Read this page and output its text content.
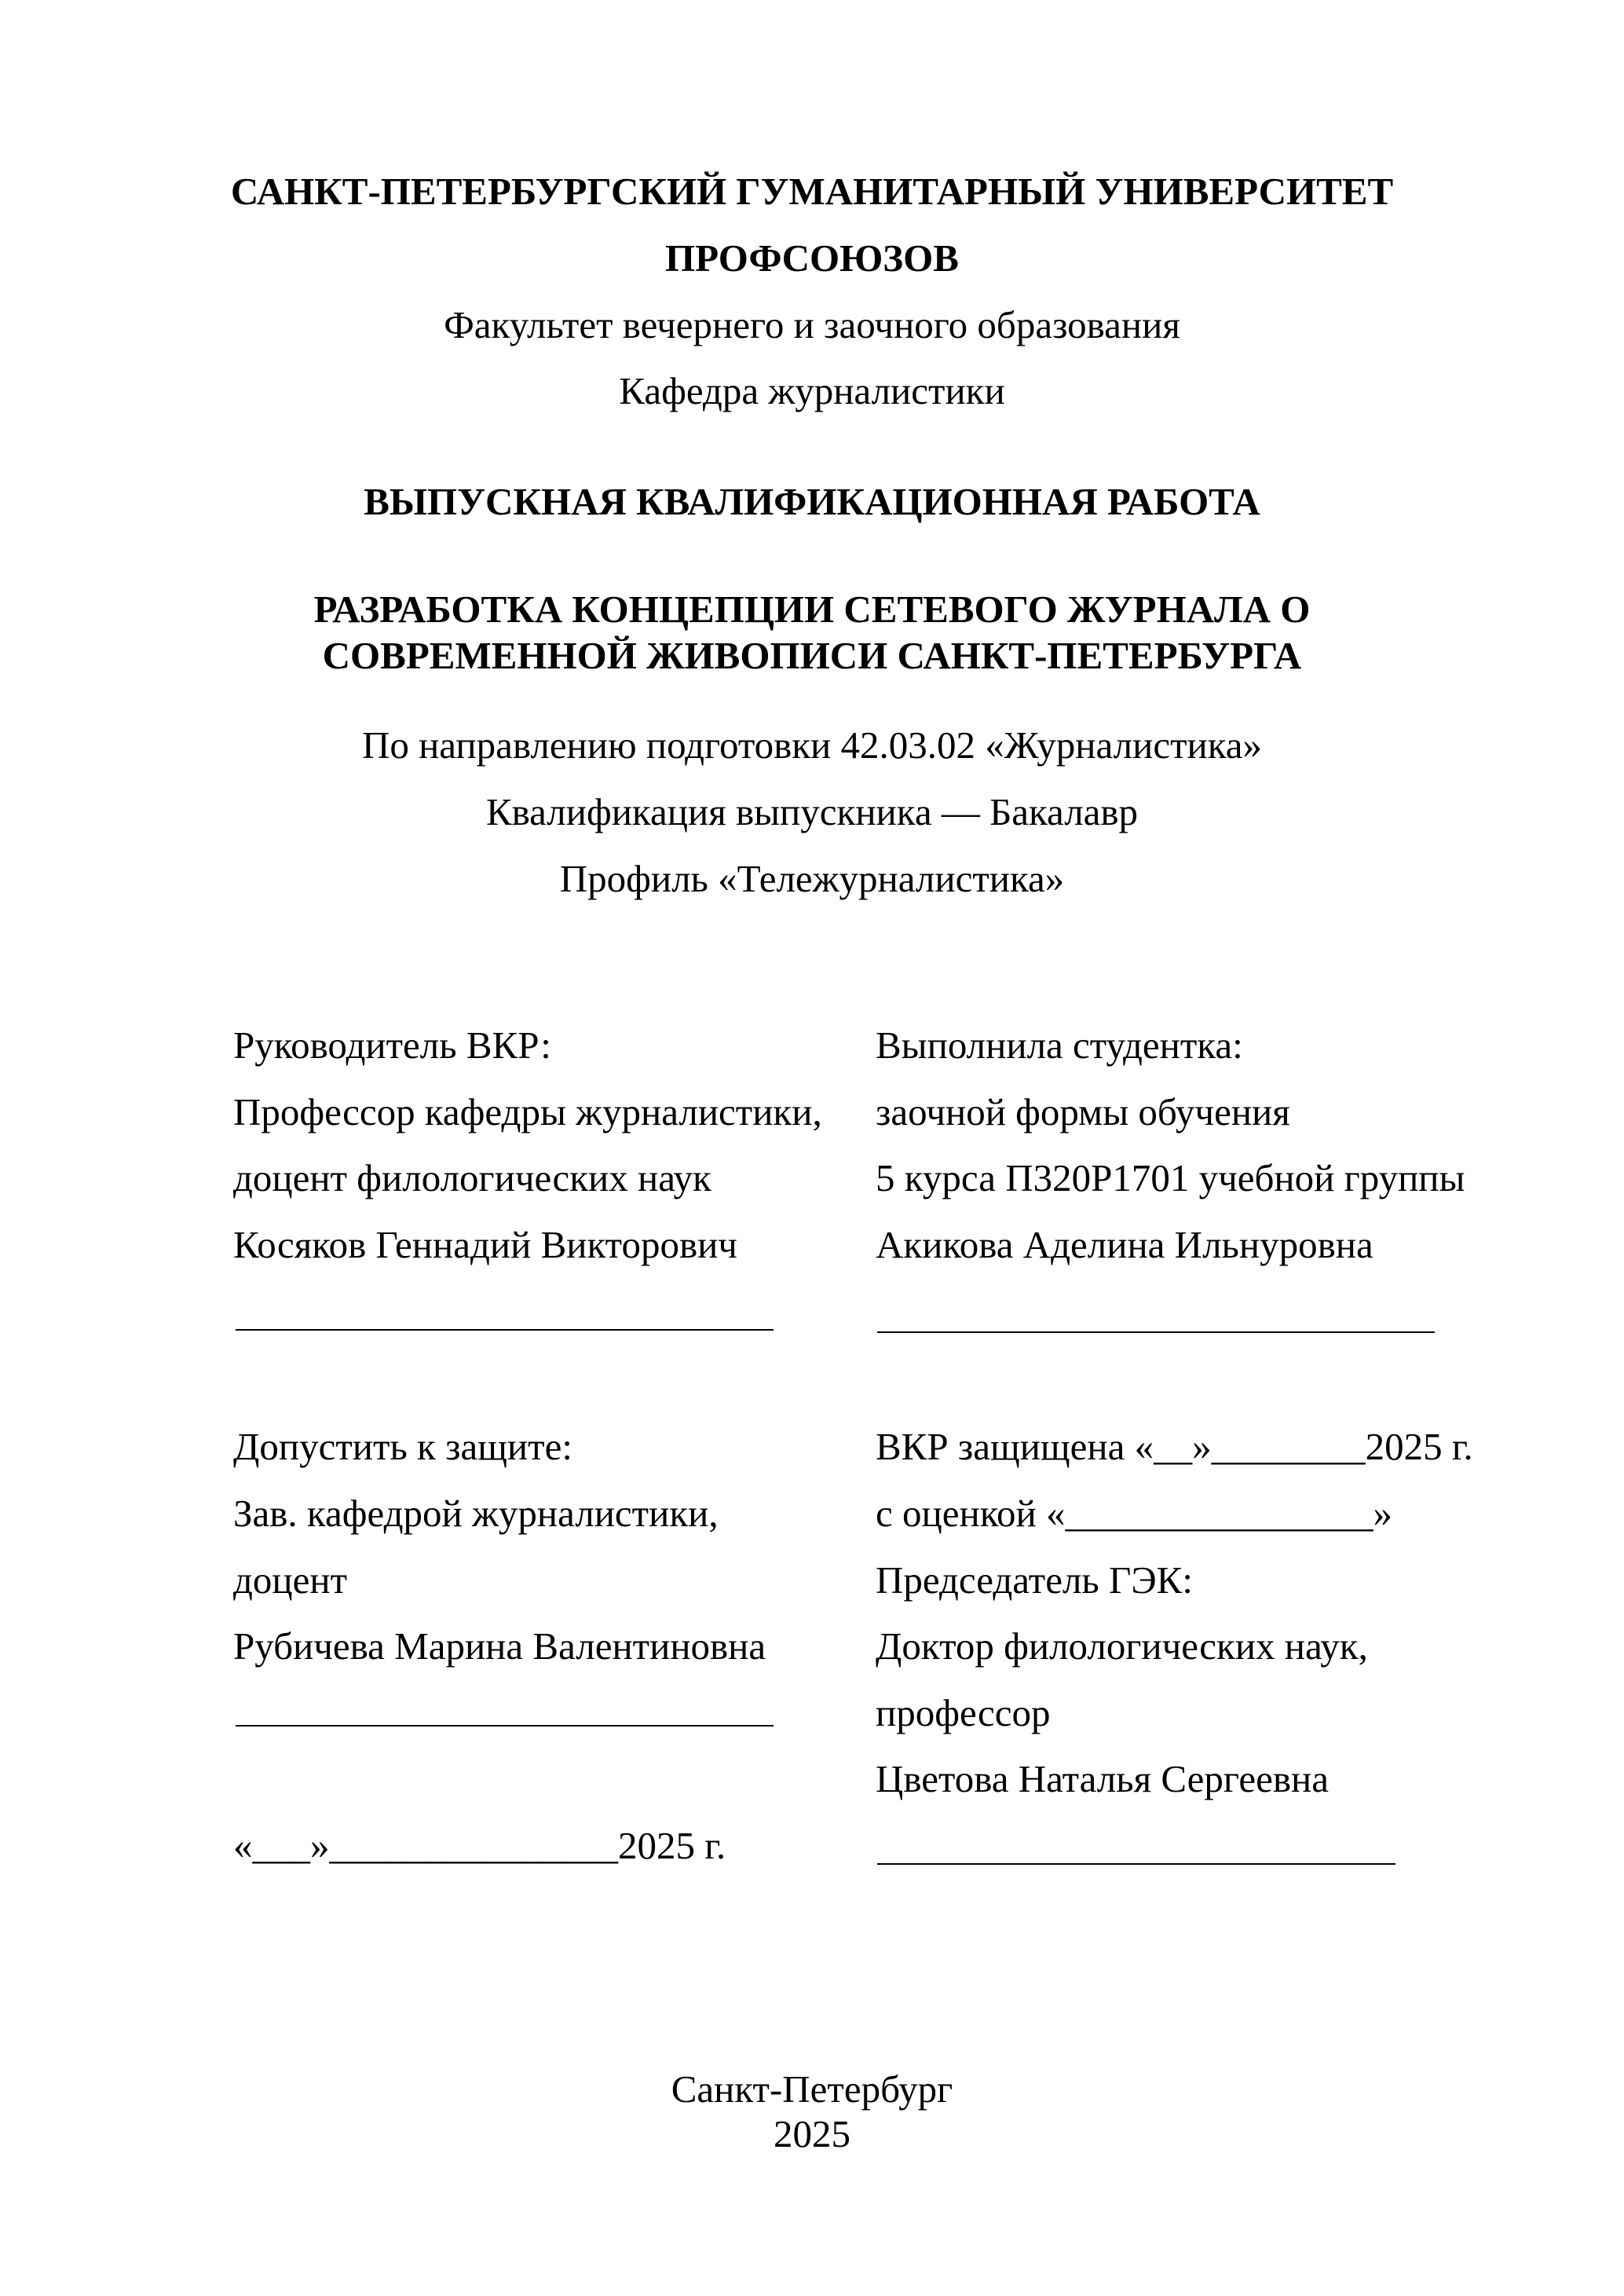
САНКТ-ПЕТЕРБУРГСКИЙ ГУМАНИТАРНЫЙ УНИВЕРСИТЕТ
ПРОФСОЮЗОВ
Факультет вечернего и заочного образования
Кафедра журналистики
ВЫПУСКНАЯ КВАЛИФИКАЦИОННАЯ РАБОТА
РАЗРАБОТКА КОНЦЕПЦИИ СЕТЕВОГО ЖУРНАЛА О
СОВРЕМЕННОЙ ЖИВОПИСИ САНКТ-ПЕТЕРБУРГА
По направлению подготовки 42.03.02 «Журналистика»
Квалификация выпускника — Бакалавр
Профиль «Тележурналистика»
Руководитель ВКР:
Профессор кафедры журналистики,
доцент филологических наук
Косяков Геннадий Викторович
Выполнила студентка:
заочной формы обучения
5 курса П320Р1701 учебной группы
Акикова Аделина Ильнуровна
Допустить к защите:
Зав. кафедрой журналистики,
доцент
Рубичева Марина Валентиновна
«___»_______________2025 г.
ВКР защищена «__»________2025 г.
с оценкой «________________»
Председатель ГЭК:
Доктор филологических наук,
профессор
Цветова Наталья Сергеевна
Санкт-Петербург
2025
